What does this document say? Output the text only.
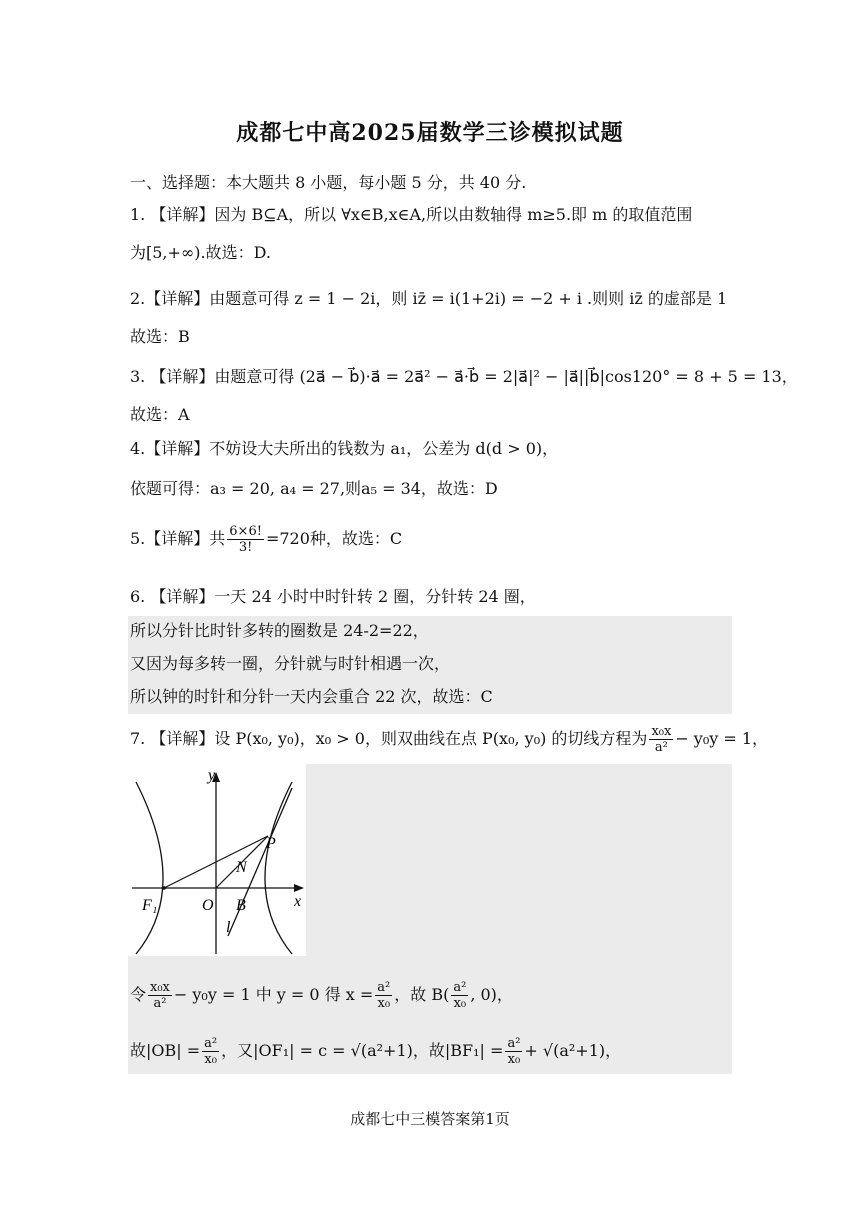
成都七中高2025届数学三诊模拟试题
一、选择题：本大题共 8 小题，每小题 5 分，共 40 分.
1. 【详解】因为 B⊆A，所以 ∀x∈B,x∈A,所以由数轴得 m≥5.即 m 的取值范围
为[5,+∞).故选：D.
2.【详解】由题意可得 z = 1 − 2i，则 iz̄ = i(1+2i) = −2 + i .则则 iz̄ 的虚部是 1
故选：B
3. 【详解】由题意可得 (2a⃗ − b⃗)·a⃗ = 2a⃗² − a⃗·b⃗ = 2|a⃗|² − |a⃗||b⃗|cos120° = 8 + 5 = 13，
故选：A
4.【详解】不妨设大夫所出的钱数为 a₁，公差为 d(d > 0)，
依题可得：a₃ = 20, a₄ = 27,则a₅ = 34，故选：D
5.【详解】共 $\frac{6\times 6!}{3!} =720$种，故选：C
6. 【详解】一天 24 小时中时针转 2 圈，分针转 24 圈，
所以分针比时针多转的圈数是 24-2=22，
又因为每多转一圈，分针就与时针相遇一次，
所以钟的时针和分针一天内会重合 22 次，故选：C
7. 【详解】设 P(x₀, y₀)，x₀ > 0，则双曲线在点 P(x₀, y₀) 的切线方程为 $\frac{\text{x₀x}}{\text{a²}} - y_0y = 1$，
y
x
O
F₁
P
N
B
l
令 $\frac{\text{x₀x}}{\text{a²}} - y_0y = 1$ 中 y = 0 得 $x = \frac{\text{a²}}{\text{x₀}}$ ，故 $B( \frac{\text{a²}}{\text{x₀}}$ , 0)，
故$|OB| = \frac{\text{a²}}{\text{x₀}}$ ，又|OF₁| = c = √(a²+1)，故$|BF_1| = \frac{\text{a²}}{\text{x₀}} + √(a^2+1)$，
成都七中三模答案第1页
